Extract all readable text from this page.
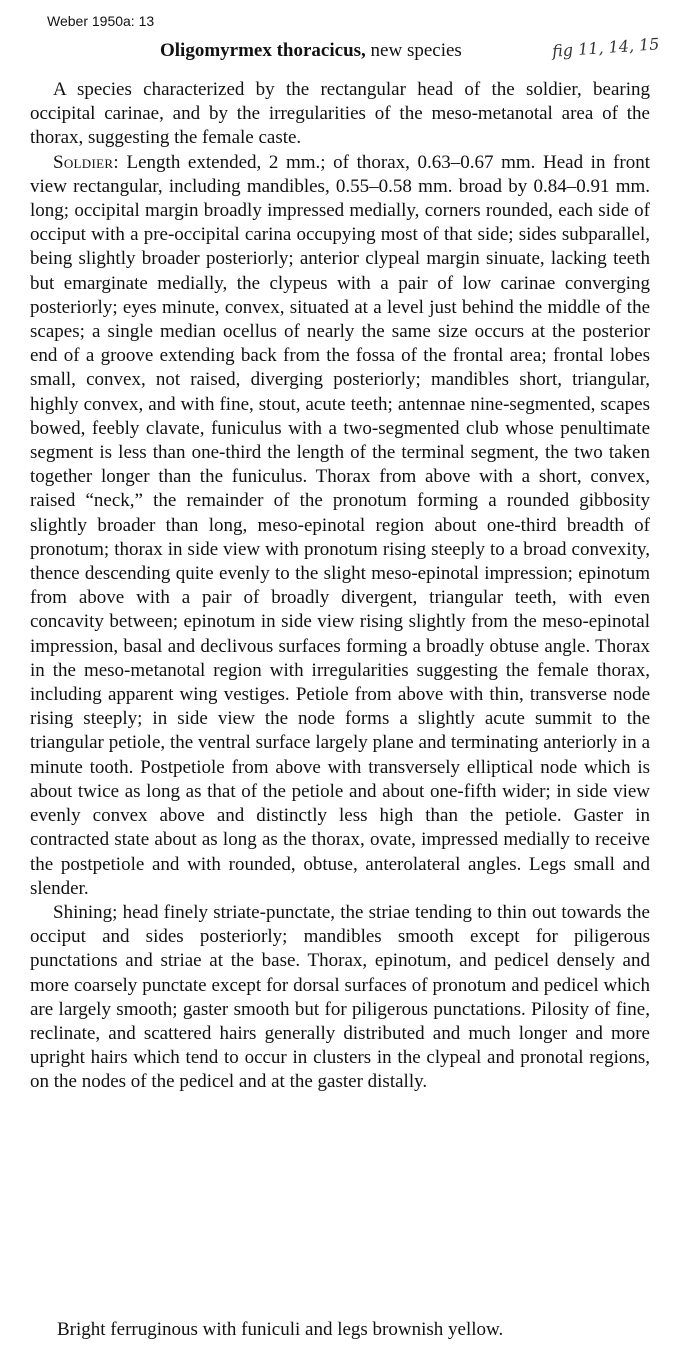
Weber 1950a: 13
Oligomyrmex thoracicus, new species	fig 11, 14, 15

A species characterized by the rectangular head of the soldier, bearing occipital carinae, and by the irregularities of the meso-metanotal area of the thorax, suggesting the female caste.

Soldier: Length extended, 2 mm.; of thorax, 0.63–0.67 mm. Head in front view rectangular, including mandibles, 0.55–0.58 mm. broad by 0.84–0.91 mm. long; occipital margin broadly impressed medially, corners rounded, each side of occiput with a pre-occipital carina occupying most of that side; sides subparallel, being slightly broader posteriorly; anterior clypeal margin sinuate, lacking teeth but emarginate medially, the clypeus with a pair of low carinae converging posteriorly; eyes minute, convex, situated at a level just behind the middle of the scapes; a single median ocellus of nearly the same size occurs at the posterior end of a groove extending back from the fossa of the frontal area; frontal lobes small, convex, not raised, diverging posteriorly; mandibles short, triangular, highly convex, and with fine, stout, acute teeth; antennae nine-segmented, scapes bowed, feebly clavate, funiculus with a two-segmented club whose penultimate segment is less than one-third the length of the terminal segment, the two taken together longer than the funiculus. Thorax from above with a short, convex, raised “neck,” the remainder of the pronotum forming a rounded gibbosity slightly broader than long, meso-epinotal region about one-third breadth of pronotum; thorax in side view with pronotum rising steeply to a broad convexity, thence descending quite evenly to the slight meso-epinotal impression; epinotum from above with a pair of broadly divergent, triangular teeth, with even concavity between; epinotum in side view rising slightly from the meso-epinotal impression, basal and declivous surfaces forming a broadly obtuse angle. Thorax in the meso-metanotal region with irregularities suggesting the female thorax, including apparent wing vestiges. Petiole from above with thin, transverse node rising steeply; in side view the node forms a slightly acute summit to the triangular petiole, the ventral surface largely plane and terminating anteriorly in a minute tooth. Postpetiole from above with transversely elliptical node which is about twice as long as that of the petiole and about one-fifth wider; in side view evenly convex above and distinctly less high than the petiole. Gaster in contracted state about as long as the thorax, ovate, impressed medially to receive the postpetiole and with rounded, obtuse, anterolateral angles. Legs small and slender.

Shining; head finely striate-punctate, the striae tending to thin out towards the occiput and sides posteriorly; mandibles smooth except for piligerous punctations and striae at the base. Thorax, epinotum, and pedicel densely and more coarsely punctate except for dorsal surfaces of pronotum and pedicel which are largely smooth; gaster smooth but for piligerous punctations. Pilosity of fine, reclinate, and scattered hairs generally distributed and much longer and more upright hairs which tend to occur in clusters in the clypeal and pronotal regions, on the nodes of the pedicel and at the gaster distally.

Bright ferruginous with funiculi and legs brownish yellow.
